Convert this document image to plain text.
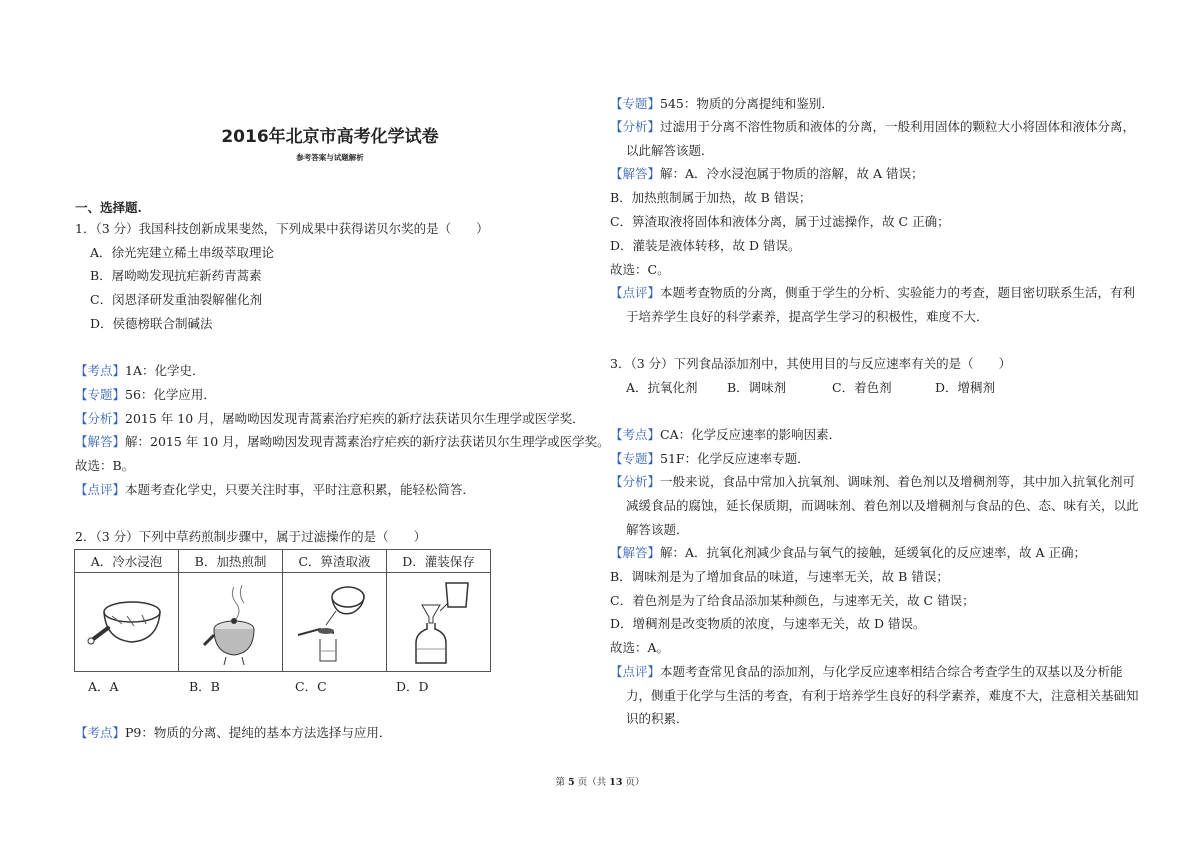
2016年北京市高考化学试卷
参考答案与试题解析
一、选择题.
1．（3 分）我国科技创新成果斐然，下列成果中获得诺贝尔奖的是（　　）
A．徐光宪建立稀土串级萃取理论
B．屠呦呦发现抗疟新药青蒿素
C．闵恩泽研发重油裂解催化剂
D．侯德榜联合制碱法
【考点】1A：化学史．
【专题】56：化学应用．
【分析】2015 年 10 月，屠呦呦因发现青蒿素治疗疟疾的新疗法获诺贝尔生理学或医学奖．
【解答】解：2015 年 10 月，屠呦呦因发现青蒿素治疗疟疾的新疗法获诺贝尔生理学或医学奖。
故选：B。
【点评】本题考查化学史，只要关注时事，平时注意积累，能轻松简答．
2．（3 分）下列中草药煎制步骤中，属于过滤操作的是（　　）
A．冷水浸泡	B．加热煎制	C．箅渣取液	D．灌装保存

A．A	B．B	C．C	D．D
【考点】P9：物质的分离、提纯的基本方法选择与应用．
【专题】545：物质的分离提纯和鉴别．
【分析】过滤用于分离不溶性物质和液体的分离，一般利用固体的颗粒大小将固体和液体分离，
以此解答该题．
【解答】解：A．冷水浸泡属于物质的溶解，故 A 错误；
B．加热煎制属于加热，故 B 错误；
C．箅渣取液将固体和液体分离，属于过滤操作，故 C 正确；
D．灌装是液体转移，故 D 错误。
故选：C。
【点评】本题考查物质的分离，侧重于学生的分析、实验能力的考查，题目密切联系生活，有利
于培养学生良好的科学素养，提高学生学习的积极性，难度不大．
3．（3 分）下列食品添加剂中，其使用目的与反应速率有关的是（　　）
A．抗氧化剂 B．调味剂	C．着色剂	D．增稠剂
【考点】CA：化学反应速率的影响因素．
【专题】51F：化学反应速率专题．
【分析】一般来说，食品中常加入抗氧剂、调味剂、着色剂以及增稠剂等，其中加入抗氧化剂可
减缓食品的腐蚀，延长保质期，而调味剂、着色剂以及增稠剂与食品的色、态、味有关，以此
解答该题．
【解答】解：A．抗氧化剂减少食品与氧气的接触，延缓氧化的反应速率，故 A 正确；
B．调味剂是为了增加食品的味道，与速率无关，故 B 错误；
C．着色剂是为了给食品添加某种颜色，与速率无关，故 C 错误；
D．增稠剂是改变物质的浓度，与速率无关，故 D 错误。
故选：A。
【点评】本题考查常见食品的添加剂，与化学反应速率相结合综合考查学生的双基以及分析能
力，侧重于化学与生活的考查，有利于培养学生良好的科学素养，难度不大，注意相关基础知
识的积累．
第 5 页（共 13 页）
